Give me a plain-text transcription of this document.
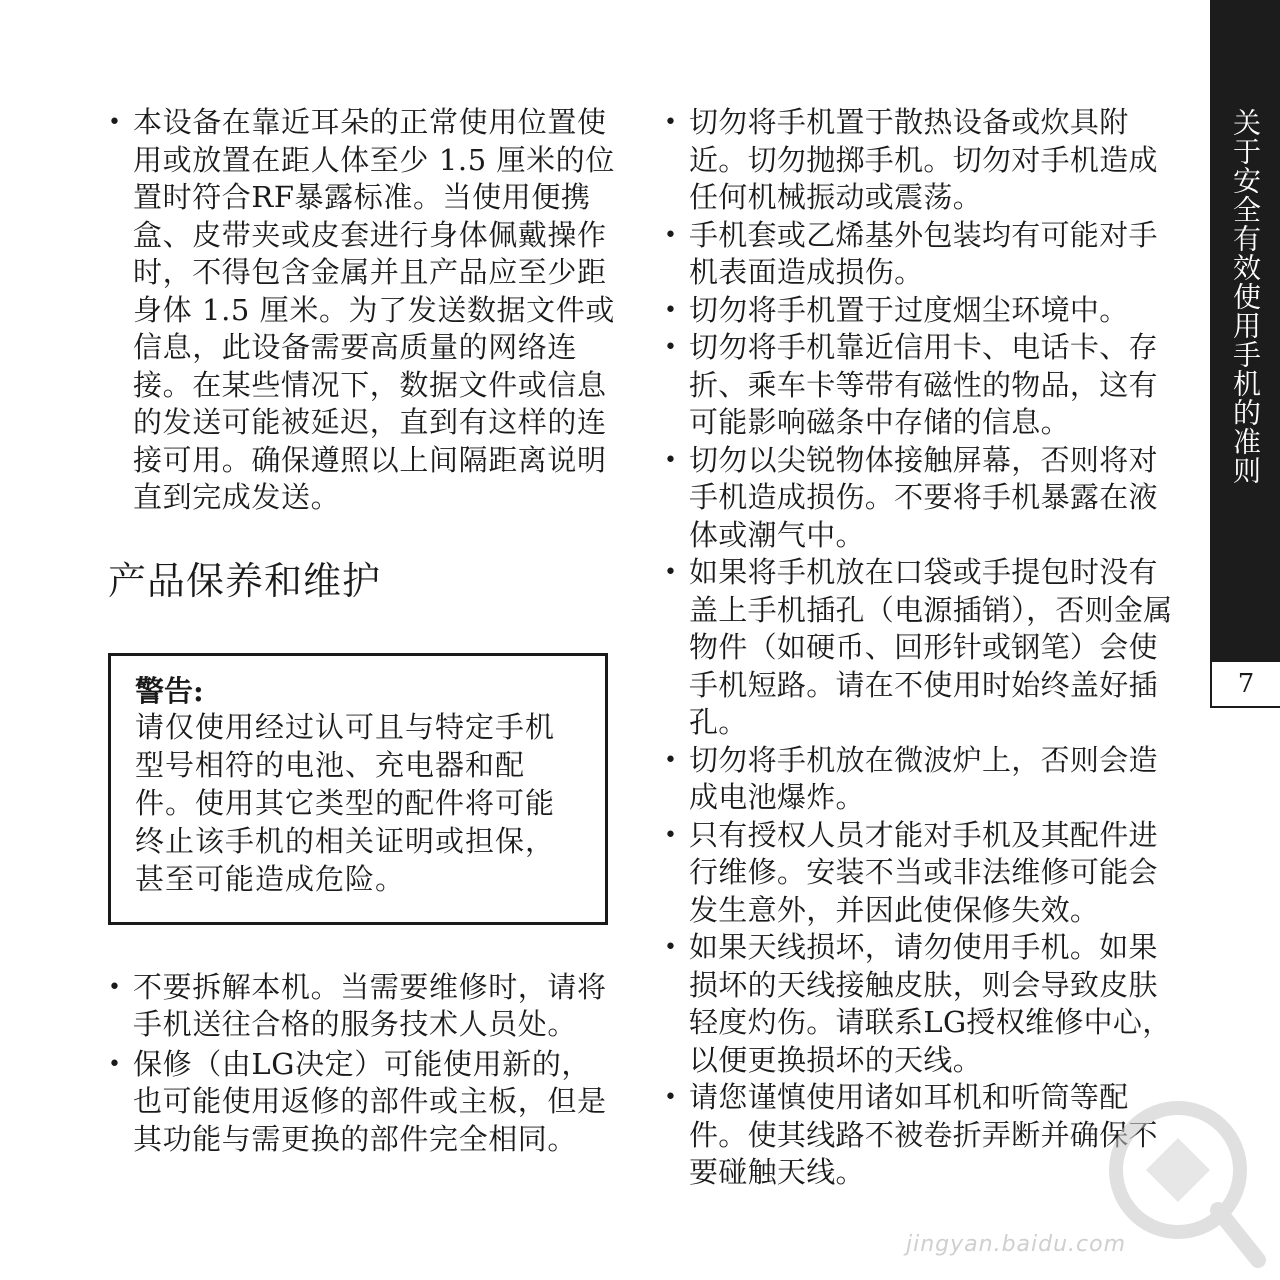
• 本设备在靠近耳朵的正常使用位置使用或放置在距人体至少 1.5 厘米的位置时符合RF暴露标准。当使用便携盒、皮带夹或皮套进行身体佩戴操作时，不得包含金属并且产品应至少距身体 1.5 厘米。为了发送数据文件或信息，此设备需要高质量的网络连接。在某些情况下，数据文件或信息的发送可能被延迟，直到有这样的连接可用。确保遵照以上间隔距离说明直到完成发送。
产品保养和维护
警告:
请仅使用经过认可且与特定手机型号相符的电池、充电器和配件。使用其它类型的配件将可能终止该手机的相关证明或担保，甚至可能造成危险。
• 不要拆解本机。当需要维修时，请将手机送往合格的服务技术人员处。
• 保修（由LG决定）可能使用新的，也可能使用返修的部件或主板，但是其功能与需更换的部件完全相同。
• 切勿将手机置于散热设备或炊具附近。切勿抛掷手机。切勿对手机造成任何机械振动或震荡。
• 手机套或乙烯基外包装均有可能对手机表面造成损伤。
• 切勿将手机置于过度烟尘环境中。
• 切勿将手机靠近信用卡、电话卡、存折、乘车卡等带有磁性的物品，这有可能影响磁条中存储的信息。
• 切勿以尖锐物体接触屏幕，否则将对手机造成损伤。不要将手机暴露在液体或潮气中。
• 如果将手机放在口袋或手提包时没有盖上手机插孔（电源插销），否则金属物件（如硬币、回形针或钢笔）会使手机短路。请在不使用时始终盖好插孔。
• 切勿将手机放在微波炉上，否则会造成电池爆炸。
• 只有授权人员才能对手机及其配件进行维修。安装不当或非法维修可能会发生意外，并因此使保修失效。
• 如果天线损坏，请勿使用手机。如果损坏的天线接触皮肤，则会导致皮肤轻度灼伤。请联系LG授权维修中心，以便更换损坏的天线。
• 请您谨慎使用诸如耳机和听筒等配件。使其线路不被卷折弄断并确保不要碰触天线。
关于安全有效使用手机的准则
7
jingyan.baidu.com
